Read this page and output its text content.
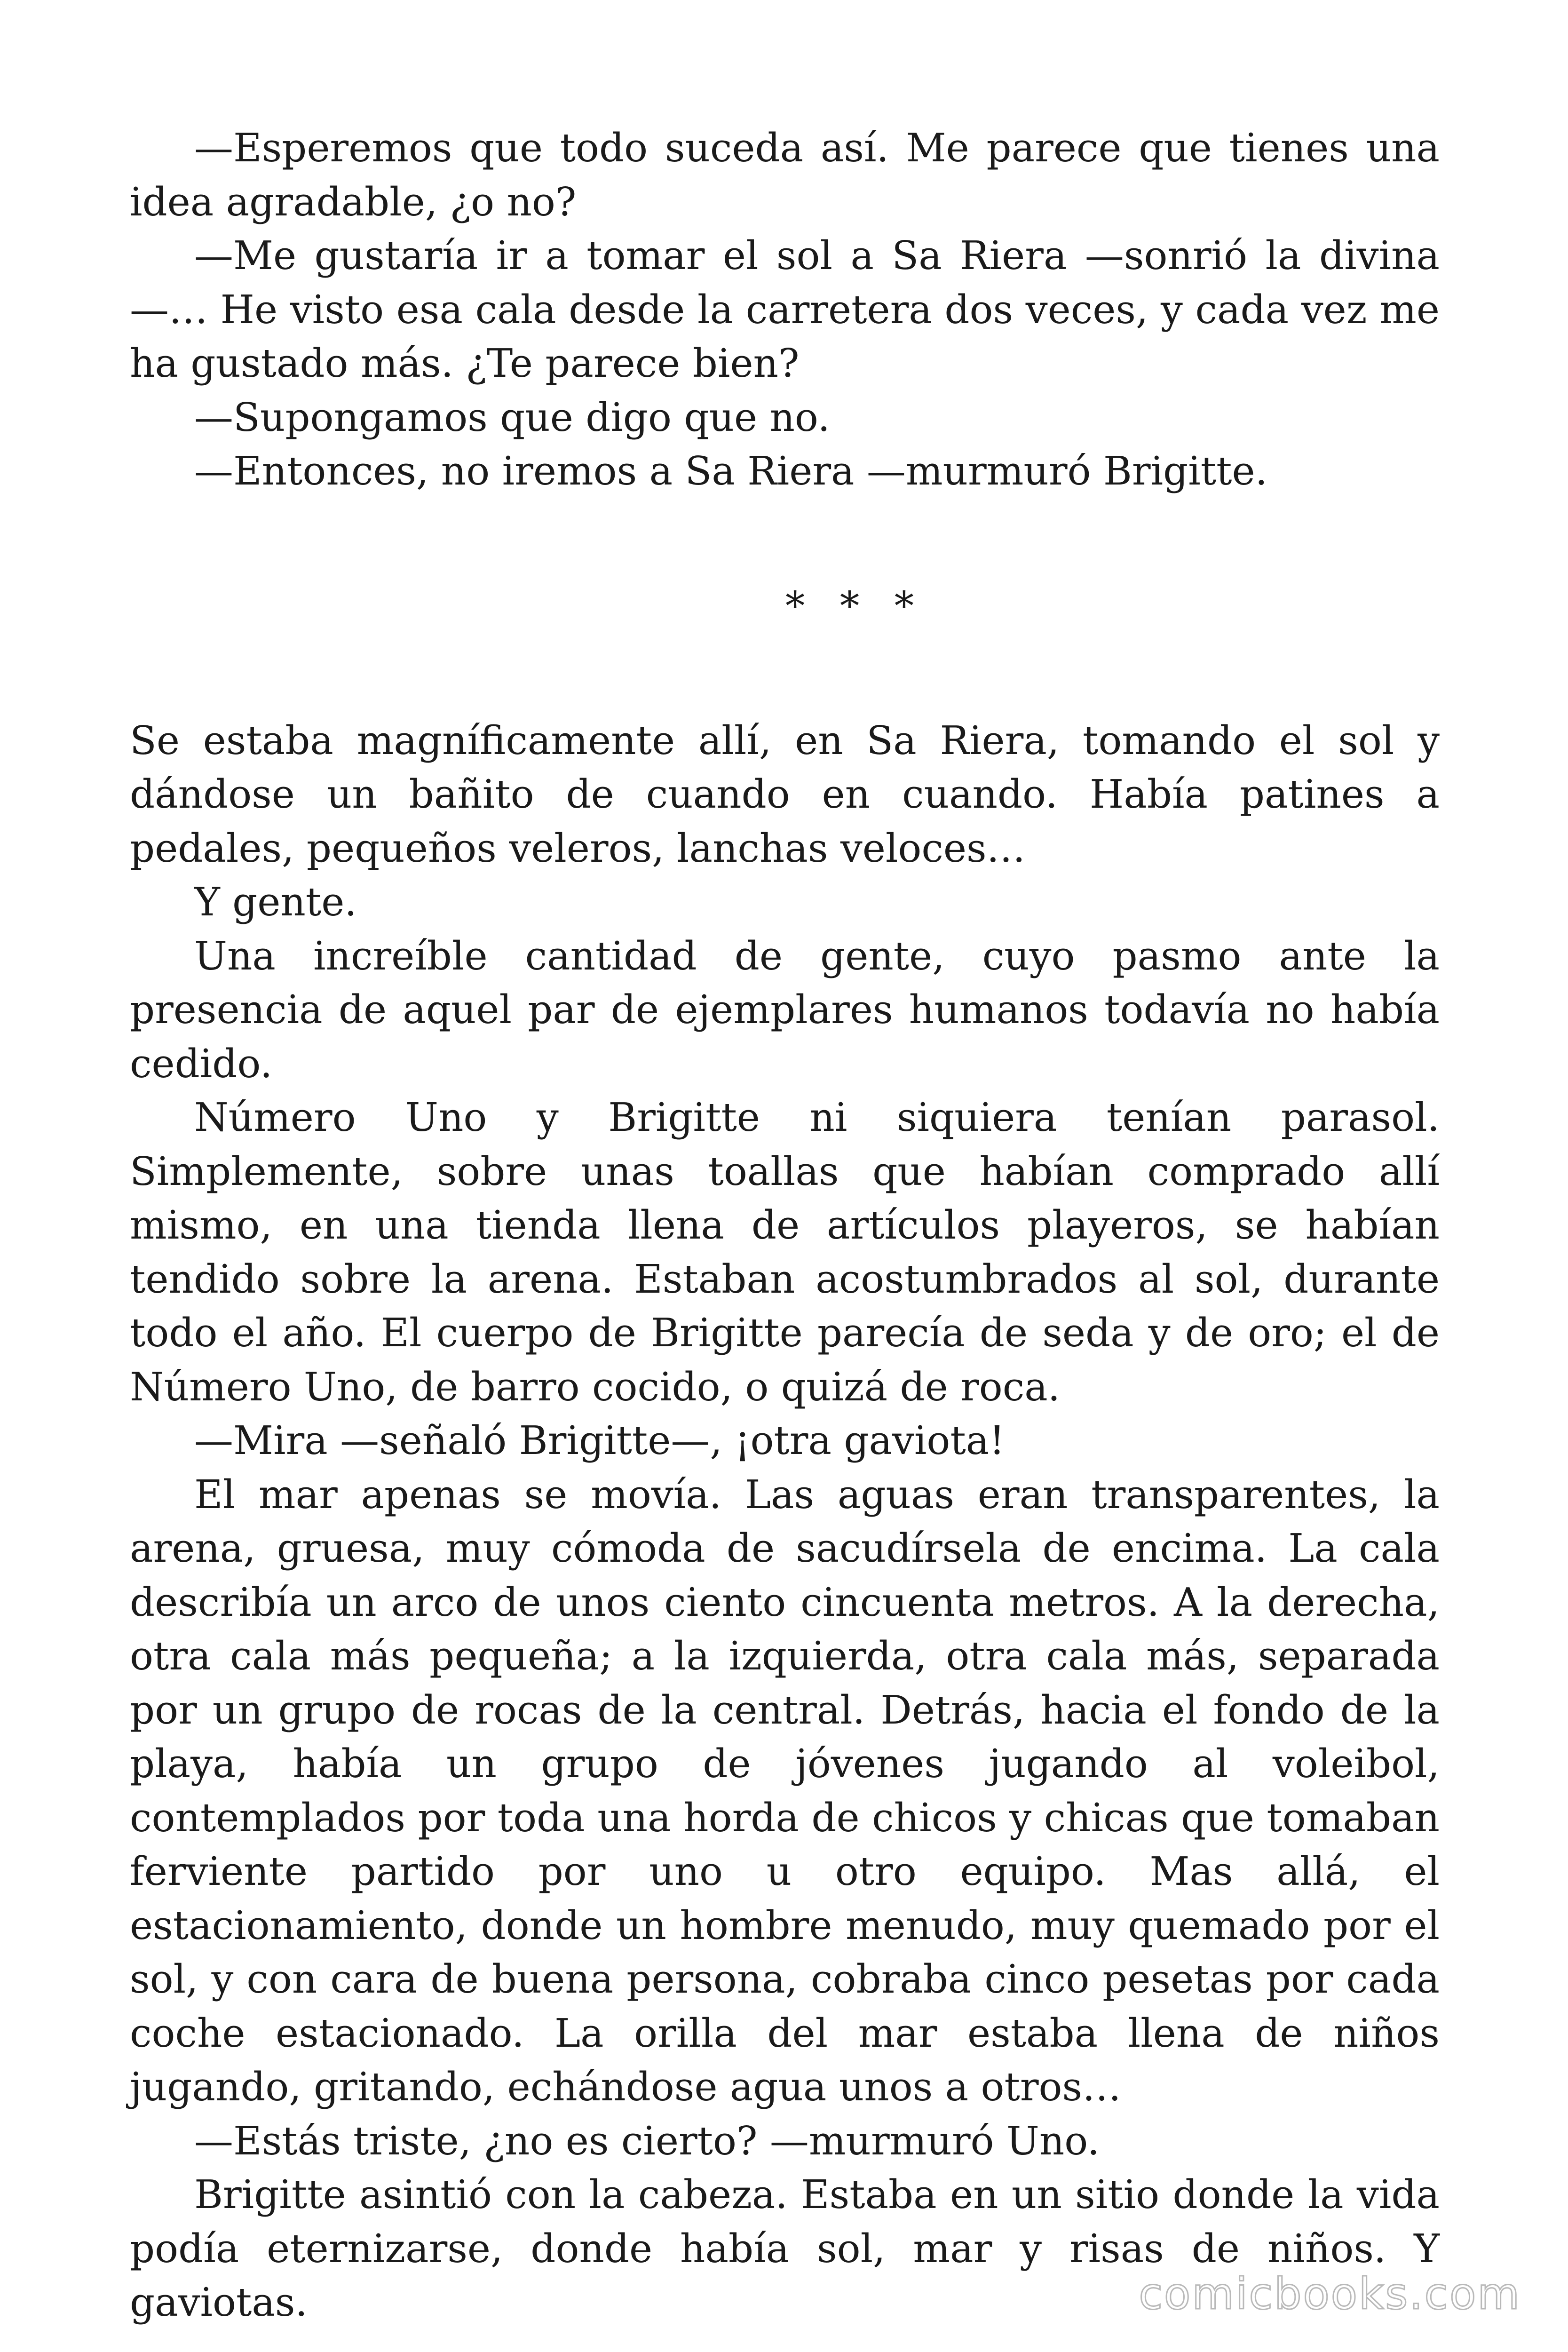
—Esperemos que todo suceda así. Me parece que tienes una idea agradable, ¿o no?

—Me gustaría ir a tomar el sol a Sa Riera —sonrió la divina—… He visto esa cala desde la carretera dos veces, y cada vez me ha gustado más. ¿Te parece bien?

—Supongamos que digo que no.

—Entonces, no iremos a Sa Riera —murmuró Brigitte.

* * *

Se estaba magníficamente allí, en Sa Riera, tomando el sol y dándose un bañito de cuando en cuando. Había patines a pedales, pequeños veleros, lanchas veloces…

Y gente.

Una increíble cantidad de gente, cuyo pasmo ante la presencia de aquel par de ejemplares humanos todavía no había cedido.

Número Uno y Brigitte ni siquiera tenían parasol. Simplemente, sobre unas toallas que habían comprado allí mismo, en una tienda llena de artículos playeros, se habían tendido sobre la arena. Estaban acostumbrados al sol, durante todo el año. El cuerpo de Brigitte parecía de seda y de oro; el de Número Uno, de barro cocido, o quizá de roca.

—Mira —señaló Brigitte—, ¡otra gaviota!

El mar apenas se movía. Las aguas eran transparentes, la arena, gruesa, muy cómoda de sacudírsela de encima. La cala describía un arco de unos ciento cincuenta metros. A la derecha, otra cala más pequeña; a la izquierda, otra cala más, separada por un grupo de rocas de la central. Detrás, hacia el fondo de la playa, había un grupo de jóvenes jugando al voleibol, contemplados por toda una horda de chicos y chicas que tomaban ferviente partido por uno u otro equipo. Mas allá, el estacionamiento, donde un hombre menudo, muy quemado por el sol, y con cara de buena persona, cobraba cinco pesetas por cada coche estacionado. La orilla del mar estaba llena de niños jugando, gritando, echándose agua unos a otros…

—Estás triste, ¿no es cierto? —murmuró Uno.

Brigitte asintió con la cabeza. Estaba en un sitio donde la vida podía eternizarse, donde había sol, mar y risas de niños. Y gaviotas.	comicbooks.com
